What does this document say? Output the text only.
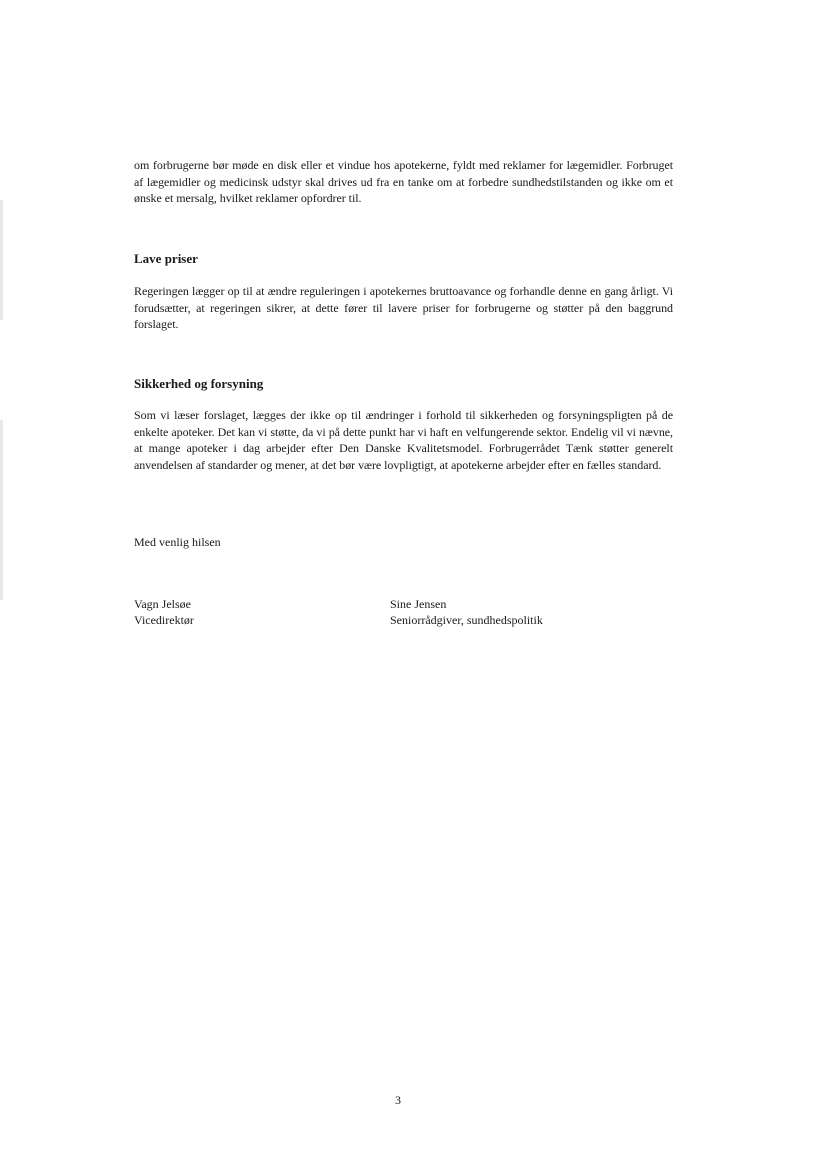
om forbrugerne bør møde en disk eller et vindue hos apotekerne, fyldt med reklamer for lægemidler. Forbruget af lægemidler og medicinsk udstyr skal drives ud fra en tanke om at forbedre sundhedstilstanden og ikke om et ønske et mersalg, hvilket reklamer opfordrer til.

Lave priser

Regeringen lægger op til at ændre reguleringen i apotekernes bruttoavance og forhandle denne en gang årligt. Vi forudsætter, at regeringen sikrer, at dette fører til lavere priser for forbrugerne og støtter på den baggrund forslaget.

Sikkerhed og forsyning

Som vi læser forslaget, lægges der ikke op til ændringer i forhold til sikkerheden og forsyningspligten på de enkelte apoteker. Det kan vi støtte, da vi på dette punkt har vi haft en velfungerende sektor. Endelig vil vi nævne, at mange apoteker i dag arbejder efter Den Danske Kvalitetsmodel. Forbrugerrådet Tænk støtter generelt anvendelsen af standarder og mener, at det bør være lovpligtigt, at apotekerne arbejder efter en fælles standard.

Med venlig hilsen

Vagn Jelsøe

Vicedirektør

Sine Jensen

Seniorrådgiver, sundhedspolitik

3
